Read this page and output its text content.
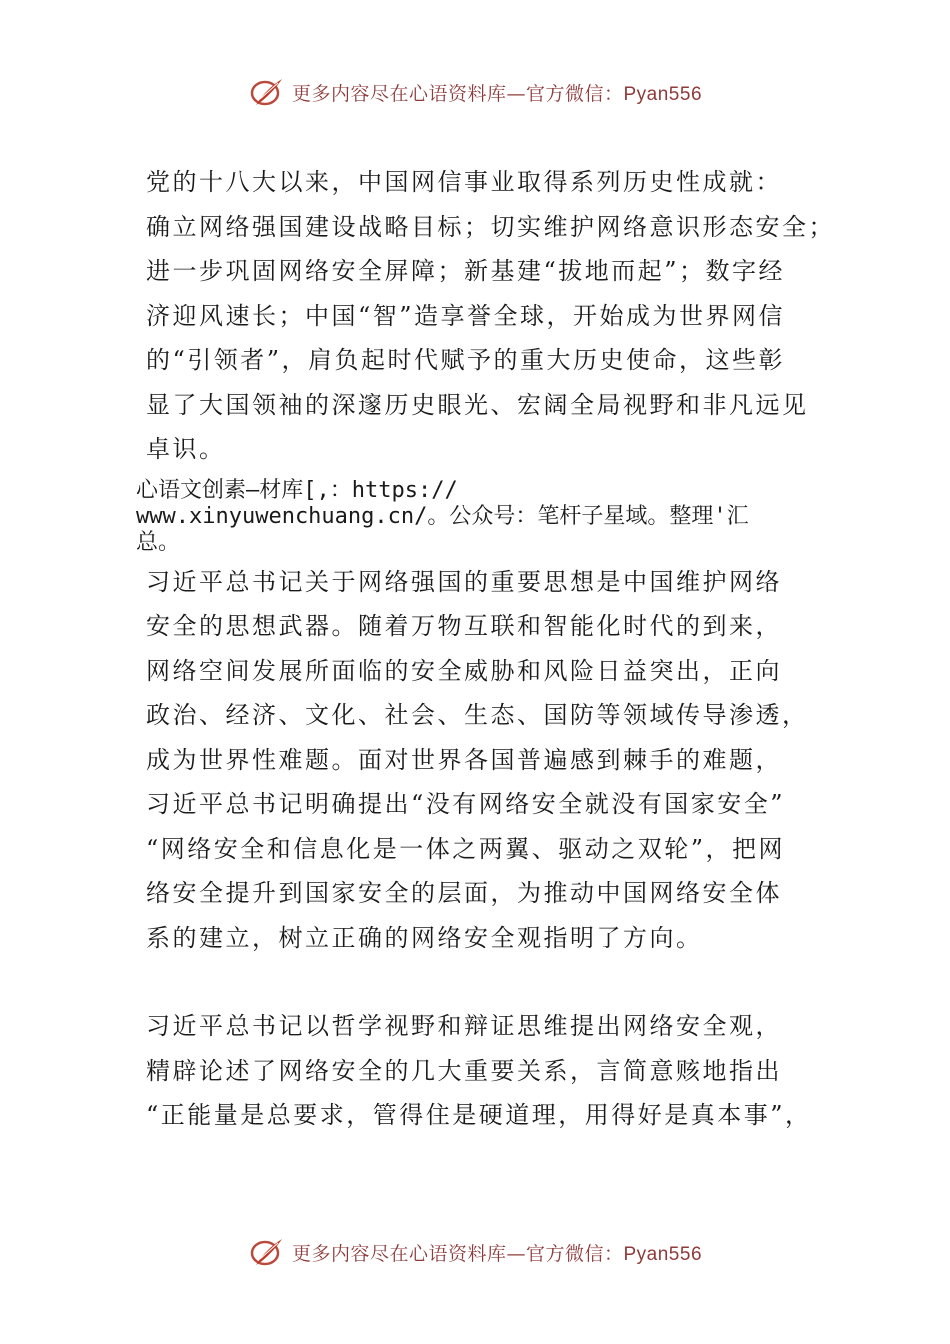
更多内容尽在心语资料库—官方微信：Pyan556

党的十八大以来，中国网信事业取得系列历史性成就：
确立网络强国建设战略目标；切实维护网络意识形态安全；
进一步巩固网络安全屏障；新基建“拔地而起”；数字经
济迎风速长；中国“智”造享誉全球，开始成为世界网信
的“引领者”，肩负起时代赋予的重大历史使命，这些彰
显了大国领袖的深邃历史眼光、宏阔全局视野和非凡远见
卓识。

心语文创素—材库[,：https://
www.xinyuwenchuang.cn/。公众号：笔杆子星域。整理'汇
总。

习近平总书记关于网络强国的重要思想是中国维护网络
安全的思想武器。随着万物互联和智能化时代的到来，
网络空间发展所面临的安全威胁和风险日益突出，正向
政治、经济、文化、社会、生态、国防等领域传导渗透，
成为世界性难题。面对世界各国普遍感到棘手的难题，
习近平总书记明确提出“没有网络安全就没有国家安全”
“网络安全和信息化是一体之两翼、驱动之双轮”，把网
络安全提升到国家安全的层面，为推动中国网络安全体
系的建立，树立正确的网络安全观指明了方向。

习近平总书记以哲学视野和辩证思维提出网络安全观，
精辟论述了网络安全的几大重要关系，言简意赅地指出
“正能量是总要求，管得住是硬道理，用得好是真本事”，

更多内容尽在心语资料库—官方微信：Pyan556
